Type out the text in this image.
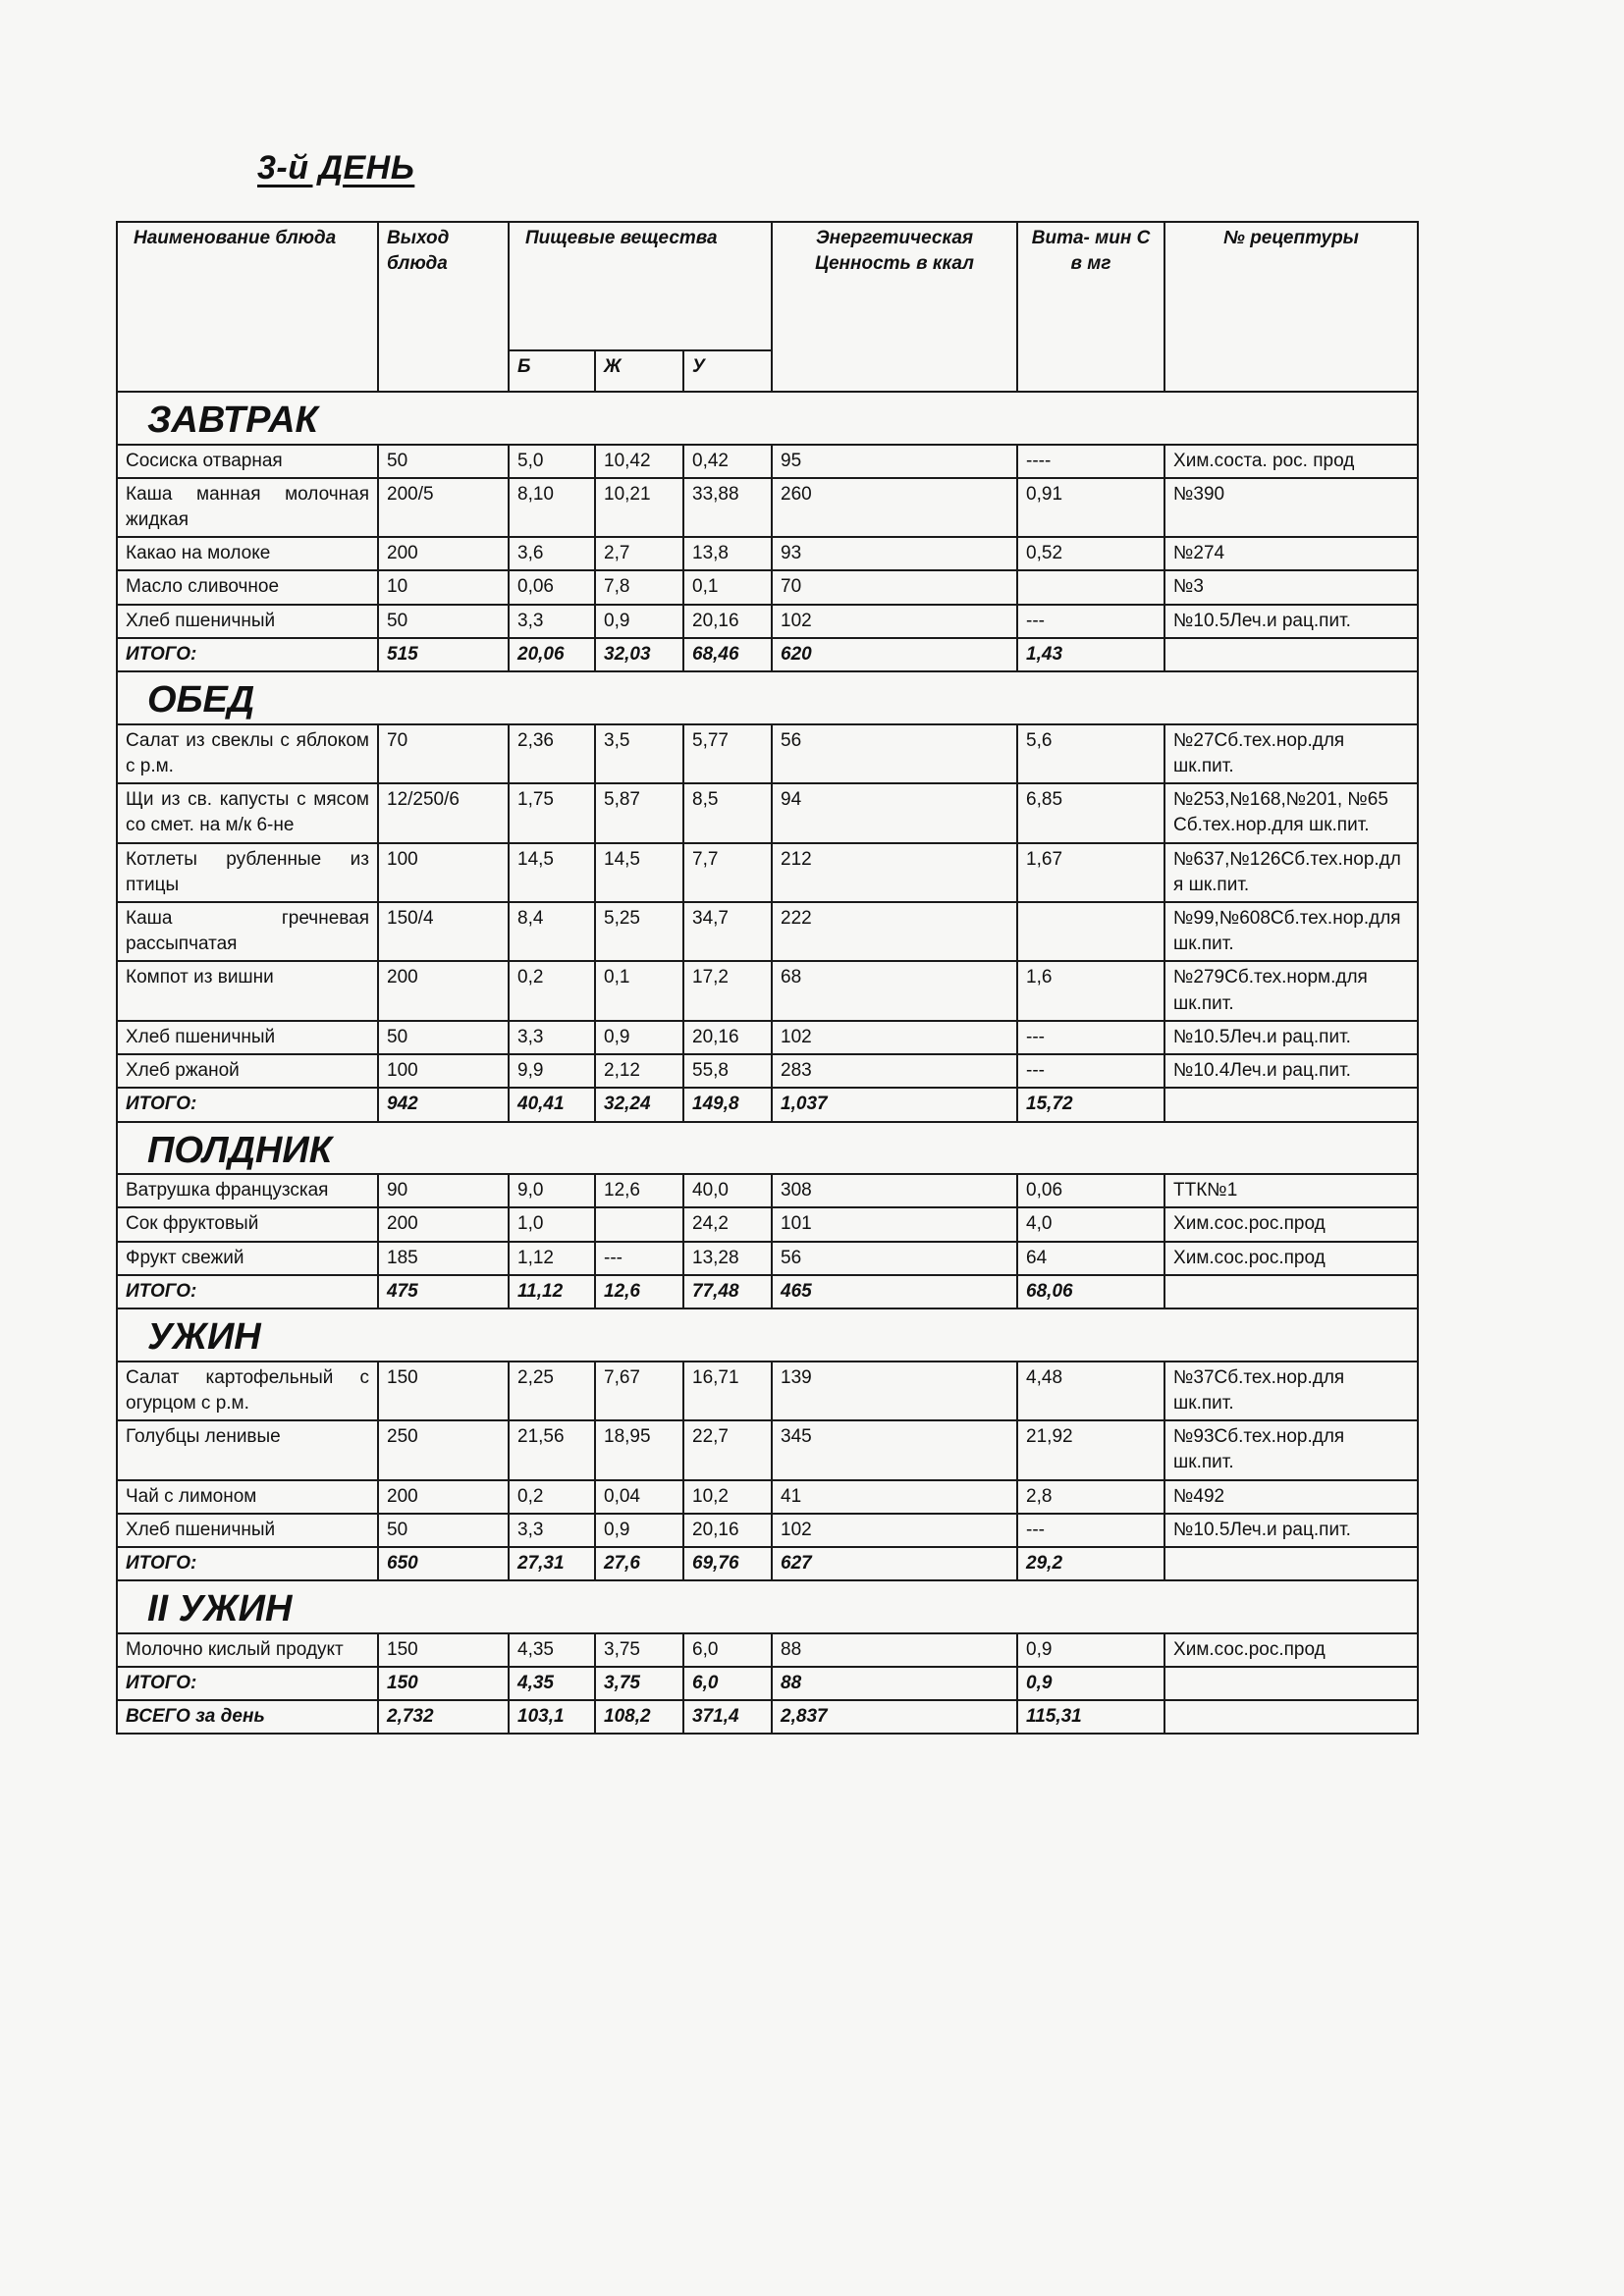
3-й ДЕНЬ
Наименование блюда	Выход блюда	Пищевые вещества			Энергетическая Ценность в ккал	Вита- мин С в мг	№ рецептуры
		Б	Ж	У			
ЗАВТРАК							
Сосиска отварная	50	5,0	10,42	0,42	95	----	Хим.соста. рос. прод
Каша манная молочная жидкая	200/5	8,10	10,21	33,88	260	0,91	№390
Какао на молоке	200	3,6	2,7	13,8	93	0,52	№274
Масло сливочное	10	0,06	7,8	0,1	70		№3
Хлеб пшеничный	50	3,3	0,9	20,16	102	---	№10.5Леч.и рац.пит.
ИТОГО:	515	20,06	32,03	68,46	620	1,43	
ОБЕД							
Салат из свеклы с яблоком с р.м.	70	2,36	3,5	5,77	56	5,6	№27Сб.тех.нор.для шк.пит.
Щи из св. капусты с мясом со смет. на м/к 6-не	12/250/6	1,75	5,87	8,5	94	6,85	№253,№168,№201, №65 Сб.тех.нор.для шк.пит.
Котлеты рубленные из птицы	100	14,5	14,5	7,7	212	1,67	№637,№126Сб.тех.нор.для шк.пит.
Каша гречневая рассыпчатая	150/4	8,4	5,25	34,7	222		№99,№608Сб.тех.нор.для шк.пит.
Компот из вишни	200	0,2	0,1	17,2	68	1,6	№279Сб.тех.норм.для шк.пит.
Хлеб пшеничный	50	3,3	0,9	20,16	102	---	№10.5Леч.и рац.пит.
Хлеб ржаной	100	9,9	2,12	55,8	283	---	№10.4Леч.и рац.пит.
ИТОГО:	942	40,41	32,24	149,8	1,037	15,72	
ПОЛДНИК							
Ватрушка французская	90	9,0	12,6	40,0	308	0,06	ТТК№1
Сок фруктовый	200	1,0		24,2	101	4,0	Хим.сос.рос.прод
Фрукт свежий	185	1,12	---	13,28	56	64	Хим.сос.рос.прод
ИТОГО:	475	11,12	12,6	77,48	465	68,06	
УЖИН							
Салат картофельный с огурцом с р.м.	150	2,25	7,67	16,71	139	4,48	№37Сб.тех.нор.для шк.пит.
Голубцы ленивые	250	21,56	18,95	22,7	345	21,92	№93Сб.тех.нор.для шк.пит.
Чай с лимоном	200	0,2	0,04	10,2	41	2,8	№492
Хлеб пшеничный	50	3,3	0,9	20,16	102	---	№10.5Леч.и рац.пит.
ИТОГО:	650	27,31	27,6	69,76	627	29,2	
II УЖИН							
Молочно кислый продукт	150	4,35	3,75	6,0	88	0,9	Хим.сос.рос.прод
ИТОГО:	150	4,35	3,75	6,0	88	0,9	
ВСЕГО за день	2,732	103,1	108,2	371,4	2,837	115,31	
